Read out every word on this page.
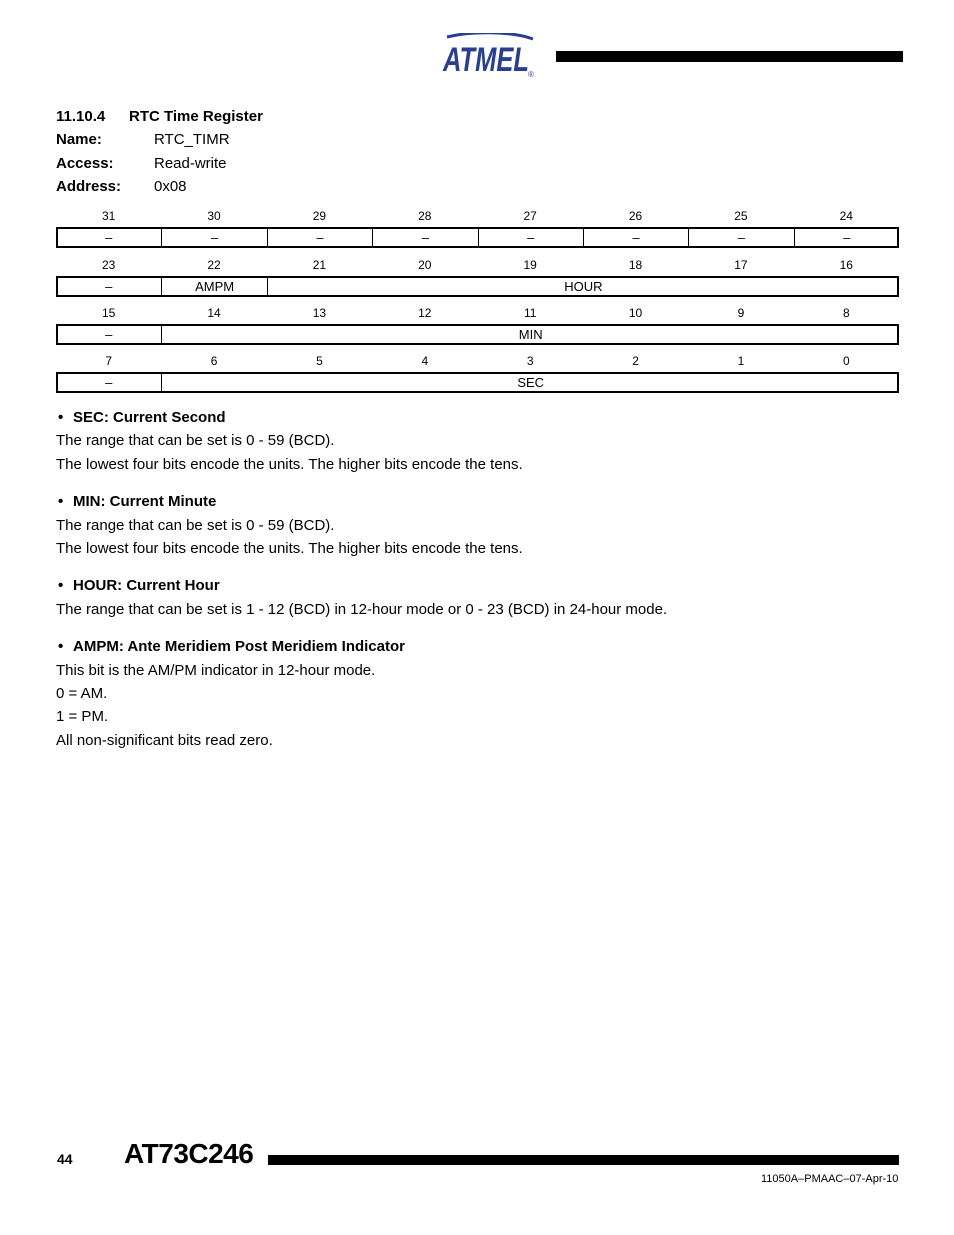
ATMEL ®
11.10.4 RTC Time Register
Name:	RTC_TIMR
Access:	Read-write
Address: 0x08
31	30	29	28	27	26	25	24
–	–	–	–	–	–	–	–
23	22	21	20	19	18	17	16
–	AMPM	HOUR
15	14	13	12	11	10	9	8
–	MIN
7	6	5	4	3	2	1	0
–	SEC
• SEC: Current Second
The range that can be set is 0 - 59 (BCD).
The lowest four bits encode the units. The higher bits encode the tens.
• MIN: Current Minute
The range that can be set is 0 - 59 (BCD).
The lowest four bits encode the units. The higher bits encode the tens.
• HOUR: Current Hour
The range that can be set is 1 - 12 (BCD) in 12-hour mode or 0 - 23 (BCD) in 24-hour mode.
• AMPM: Ante Meridiem Post Meridiem Indicator
This bit is the AM/PM indicator in 12-hour mode.
0 = AM.
1 = PM.
All non-significant bits read zero.
44 AT73C246
11050A–PMAAC–07-Apr-10
